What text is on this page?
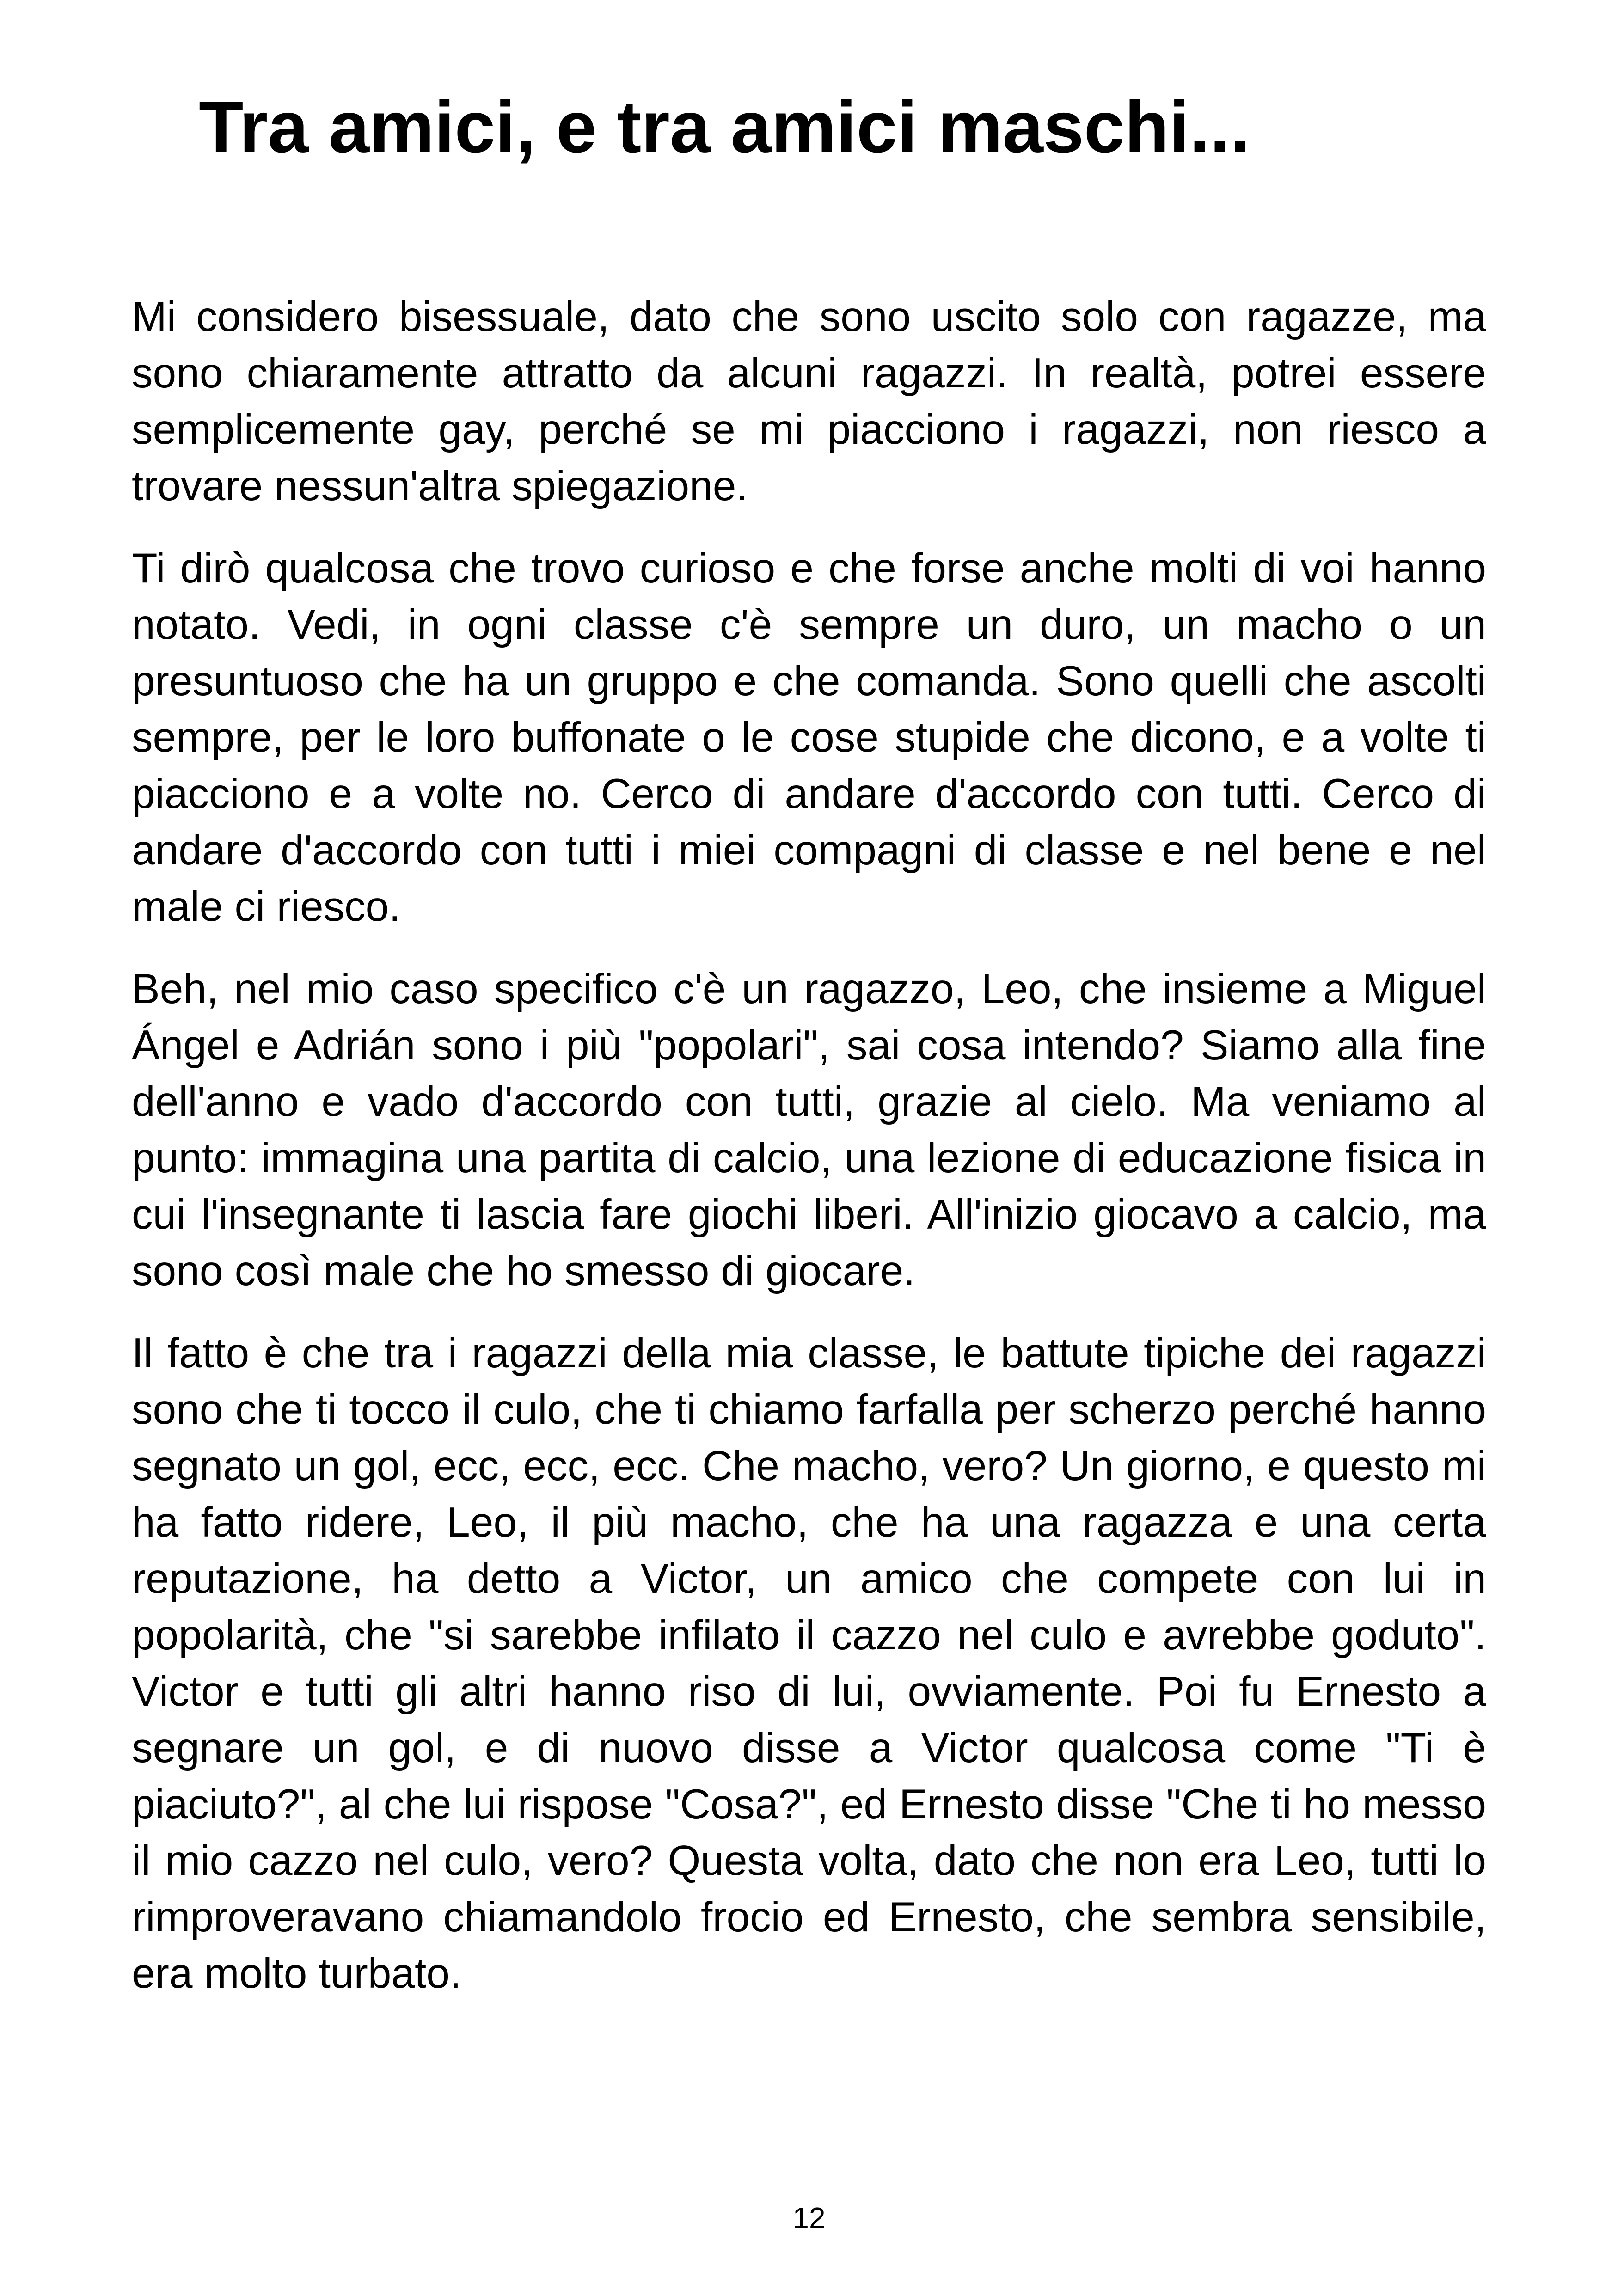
Tra amici, e tra amici maschi...

Mi considero bisessuale, dato che sono uscito solo con ragazze, ma sono chiaramente attratto da alcuni ragazzi. In realtà, potrei essere semplicemente gay, perché se mi piacciono i ragazzi, non riesco a trovare nessun'altra spiegazione.

Ti dirò qualcosa che trovo curioso e che forse anche molti di voi hanno notato. Vedi, in ogni classe c'è sempre un duro, un macho o un presuntuoso che ha un gruppo e che comanda. Sono quelli che ascolti sempre, per le loro buffonate o le cose stupide che dicono, e a volte ti piacciono e a volte no. Cerco di andare d'accordo con tutti. Cerco di andare d'accordo con tutti i miei compagni di classe e nel bene e nel male ci riesco.

Beh, nel mio caso specifico c'è un ragazzo, Leo, che insieme a Miguel Ángel e Adrián sono i più "popolari", sai cosa intendo? Siamo alla fine dell'anno e vado d'accordo con tutti, grazie al cielo. Ma veniamo al punto: immagina una partita di calcio, una lezione di educazione fisica in cui l'insegnante ti lascia fare giochi liberi. All'inizio giocavo a calcio, ma sono così male che ho smesso di giocare.

Il fatto è che tra i ragazzi della mia classe, le battute tipiche dei ragazzi sono che ti tocco il culo, che ti chiamo farfalla per scherzo perché hanno segnato un gol, ecc, ecc, ecc. Che macho, vero? Un giorno, e questo mi ha fatto ridere, Leo, il più macho, che ha una ragazza e una certa reputazione, ha detto a Victor, un amico che compete con lui in popolarità, che "si sarebbe infilato il cazzo nel culo e avrebbe goduto". Victor e tutti gli altri hanno riso di lui, ovviamente. Poi fu Ernesto a segnare un gol, e di nuovo disse a Victor qualcosa come "Ti è piaciuto?", al che lui rispose "Cosa?", ed Ernesto disse "Che ti ho messo il mio cazzo nel culo, vero? Questa volta, dato che non era Leo, tutti lo rimproveravano chiamandolo frocio ed Ernesto, che sembra sensibile, era molto turbato.

12
